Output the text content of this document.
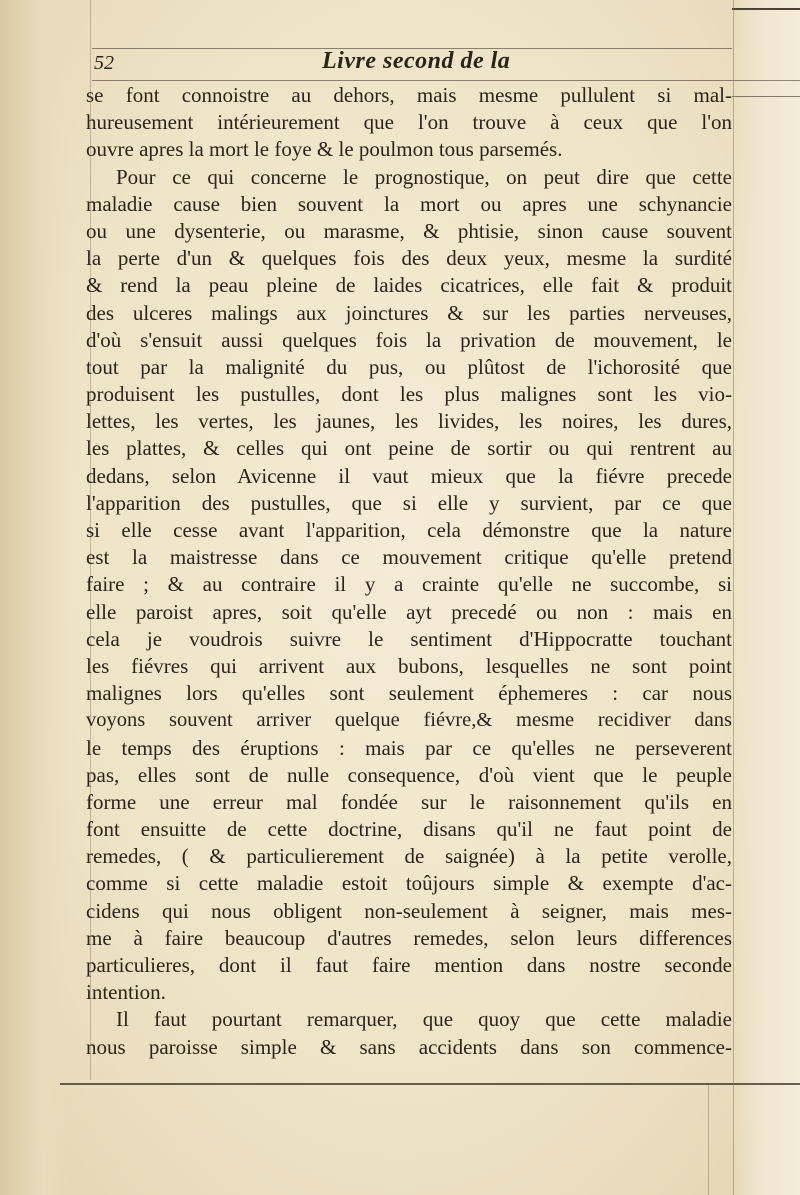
52	Livre second de la
se font connoistre au dehors, mais mesme pullulent si mal-
hureusement intérieurement que l'on trouve à ceux que l'on
ouvre apres la mort le foye & le poulmon tous parsemés.
Pour ce qui concerne le prognostique, on peut dire que cette
maladie cause bien souvent la mort ou apres une schynancie
ou une dysenterie, ou marasme, & phtisie, sinon cause souvent
la perte d'un & quelques fois des deux yeux, mesme la surdité
& rend la peau pleine de laides cicatrices, elle fait & produit
des ulceres malings aux joinctures & sur les parties nerveuses,
d'où s'ensuit aussi quelques fois la privation de mouvement, le
tout par la malignité du pus, ou plûtost de l'ichorosité que
produisent les pustulles, dont les plus malignes sont les vio-
lettes, les vertes, les jaunes, les livides, les noires, les dures,
les plattes, & celles qui ont peine de sortir ou qui rentrent au
dedans, selon Avicenne il vaut mieux que la fiévre precede
l'apparition des pustulles, que si elle y survient, par ce que
si elle cesse avant l'apparition, cela démonstre que la nature
est la maistresse dans ce mouvement critique qu'elle pretend
faire ; & au contraire il y a crainte qu'elle ne succombe, si
elle paroist apres, soit qu'elle ayt precedé ou non : mais en
cela je voudrois suivre le sentiment d'Hippocratte touchant
les fiévres qui arrivent aux bubons, lesquelles ne sont point
malignes lors qu'elles sont seulement éphemeres : car nous
voyons souvent arriver quelque fiévre,& mesme recidiver dans
le temps des éruptions : mais par ce qu'elles ne perseverent
pas, elles sont de nulle consequence, d'où vient que le peuple
forme une erreur mal fondée sur le raisonnement qu'ils en
font ensuitte de cette doctrine, disans qu'il ne faut point de
remedes, ( & particulierement de saignée) à la petite verolle,
comme si cette maladie estoit toûjours simple & exempte d'ac-
cidens qui nous obligent non-seulement à seigner, mais mes-
me à faire beaucoup d'autres remedes, selon leurs differences
particulieres, dont il faut faire mention dans nostre seconde
intention.
Il faut pourtant remarquer, que quoy que cette maladie
nous paroisse simple & sans accidents dans son commence-
